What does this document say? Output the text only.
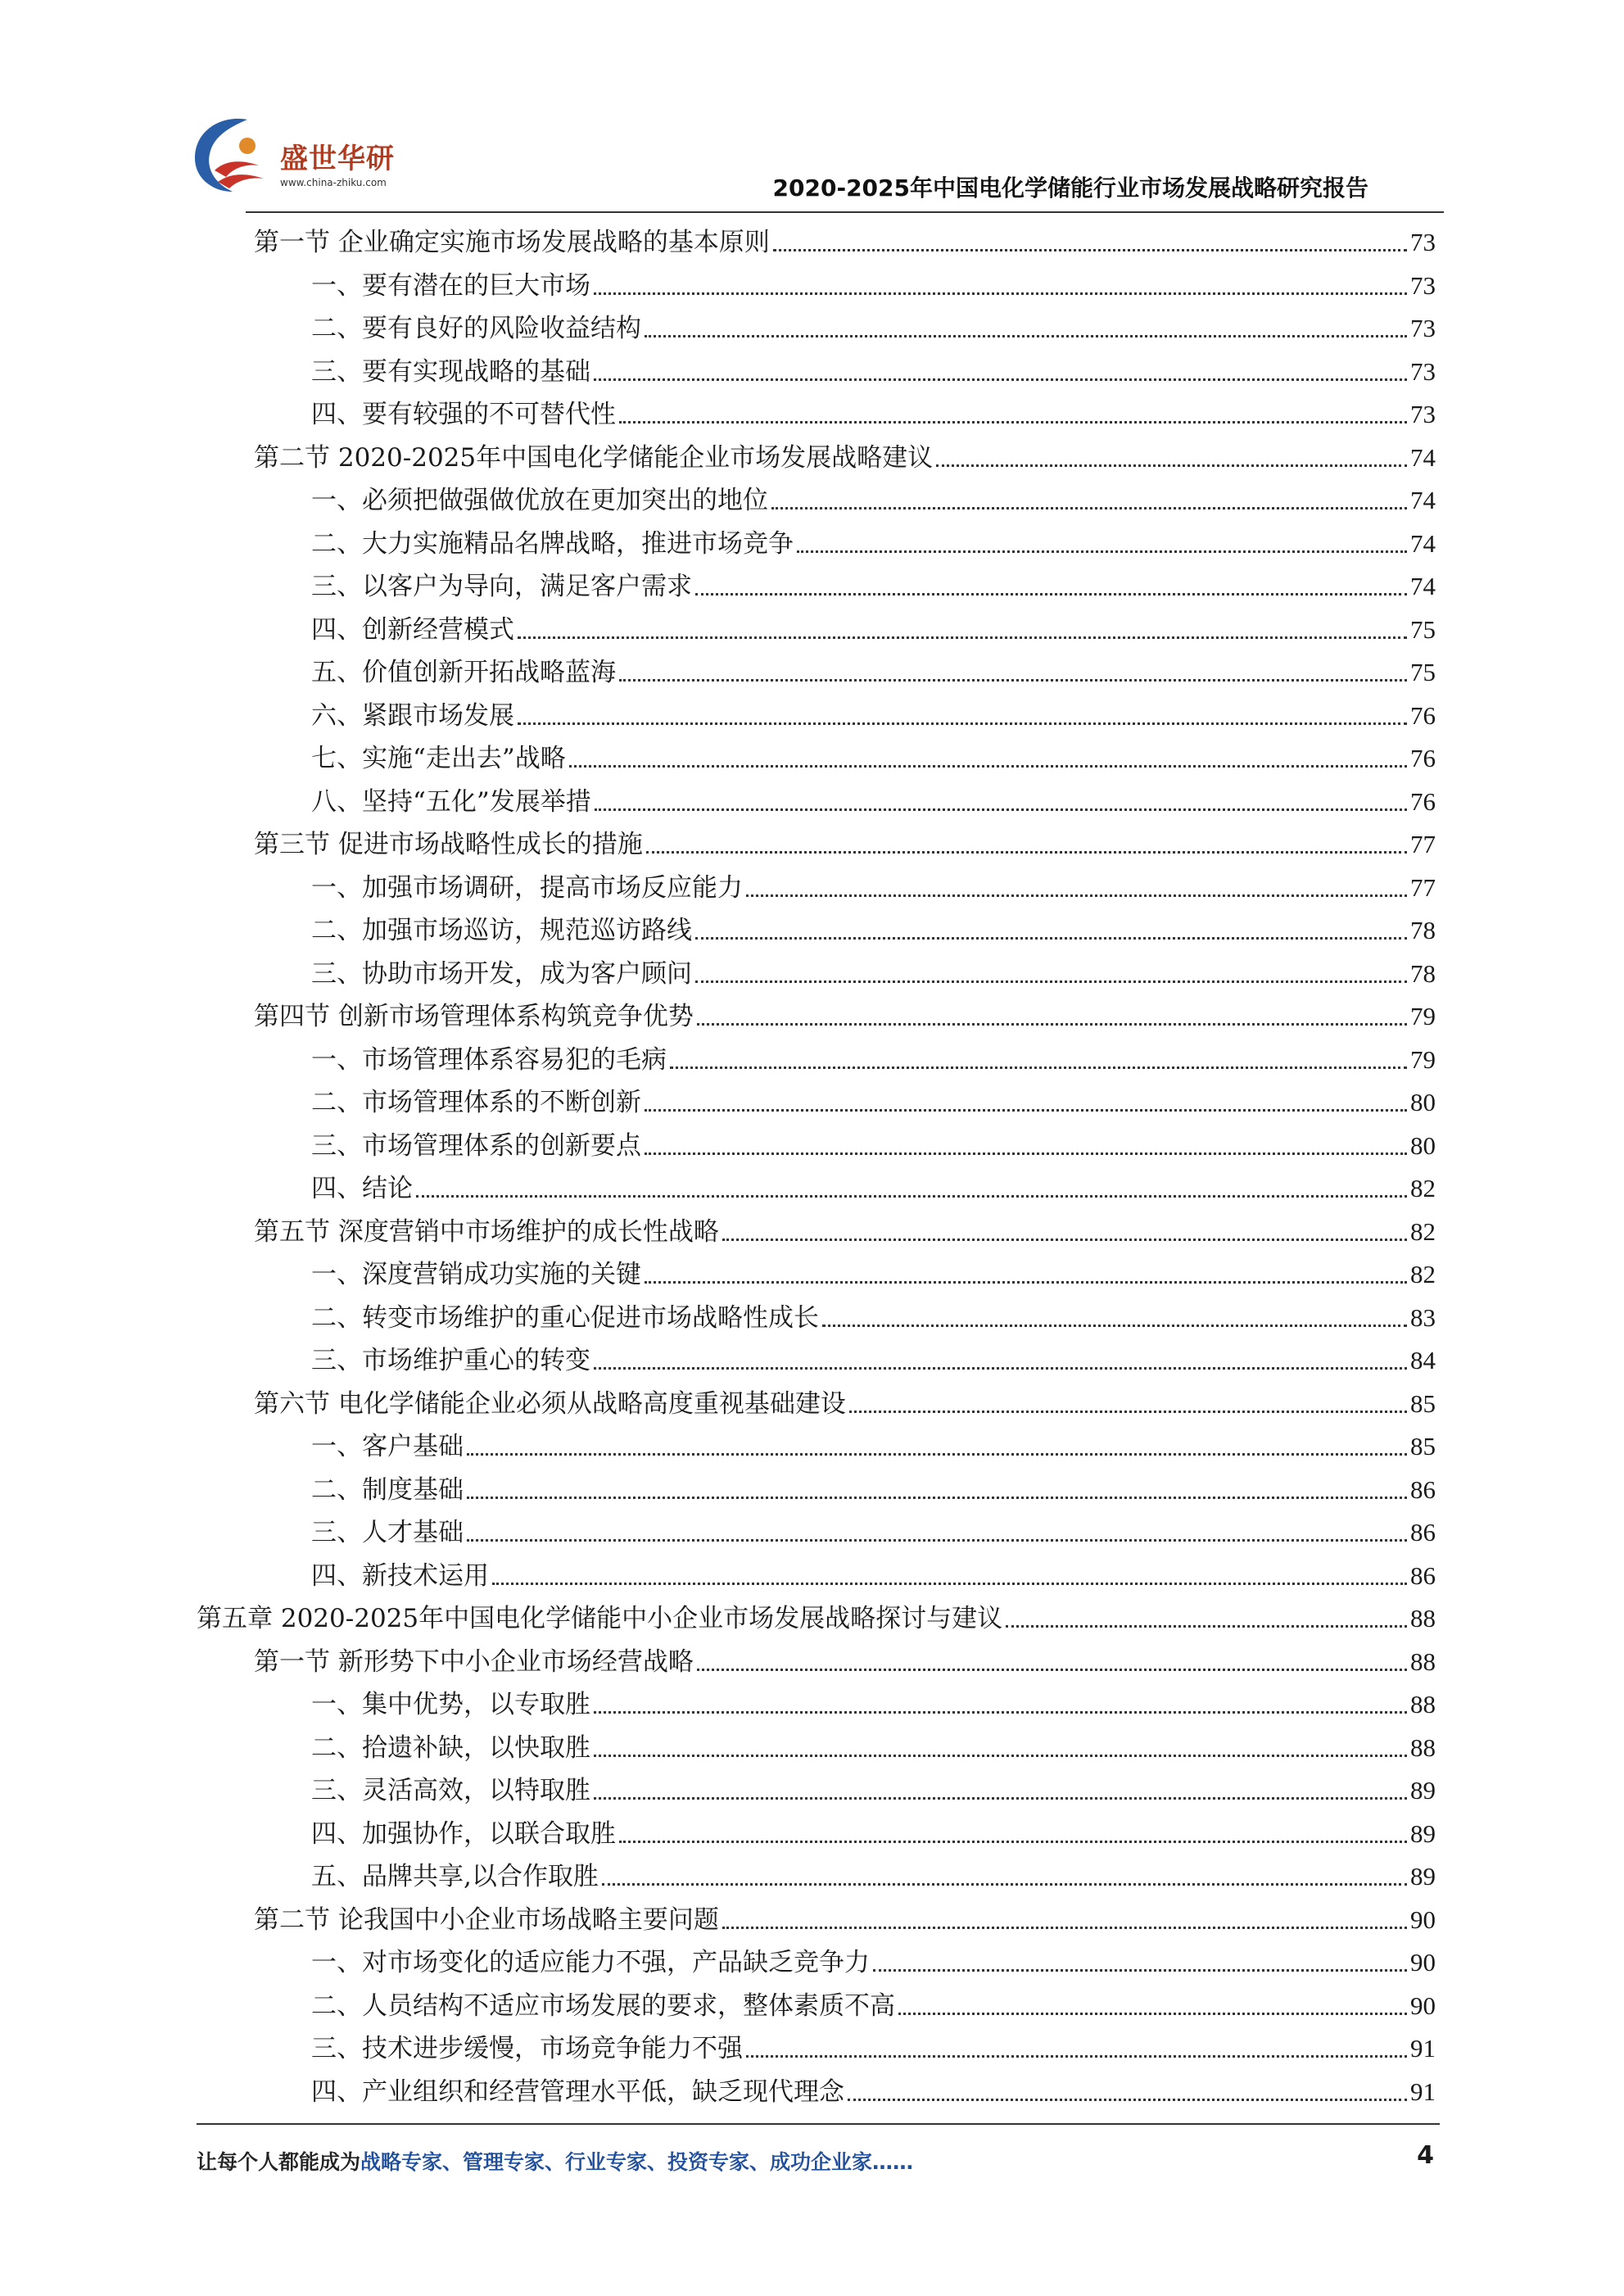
盛世华研
www.china-zhiku.com	2020-2025年中国电化学储能行业市场发展战略研究报告
第一节 企业确定实施市场发展战略的基本原则	73
一、要有潜在的巨大市场	73
二、要有良好的风险收益结构	73
三、要有实现战略的基础	73
四、要有较强的不可替代性	73
第二节 2020-2025年中国电化学储能企业市场发展战略建议	74
一、必须把做强做优放在更加突出的地位	74
二、大力实施精品名牌战略，推进市场竞争	74
三、以客户为导向，满足客户需求	74
四、创新经营模式	75
五、价值创新开拓战略蓝海	75
六、紧跟市场发展	76
七、实施“走出去”战略	76
八、坚持“五化”发展举措	76
第三节 促进市场战略性成长的措施	77
一、加强市场调研，提高市场反应能力	77
二、加强市场巡访，规范巡访路线	78
三、协助市场开发，成为客户顾问	78
第四节 创新市场管理体系构筑竞争优势	79
一、市场管理体系容易犯的毛病	79
二、市场管理体系的不断创新	80
三、市场管理体系的创新要点	80
四、结论	82
第五节 深度营销中市场维护的成长性战略	82
一、深度营销成功实施的关键	82
二、转变市场维护的重心促进市场战略性成长	83
三、市场维护重心的转变	84
第六节 电化学储能企业必须从战略高度重视基础建设	85
一、客户基础	85
二、制度基础	86
三、人才基础	86
四、新技术运用	86
第五章 2020-2025年中国电化学储能中小企业市场发展战略探讨与建议	88
第一节 新形势下中小企业市场经营战略	88
一、集中优势，以专取胜	88
二、拾遗补缺，以快取胜	88
三、灵活高效，以特取胜	89
四、加强协作，以联合取胜	89
五、品牌共享,以合作取胜	89
第二节 论我国中小企业市场战略主要问题	90
一、对市场变化的适应能力不强，产品缺乏竞争力	90
二、人员结构不适应市场发展的要求，整体素质不高	90
三、技术进步缓慢，市场竞争能力不强	91
四、产业组织和经营管理水平低，缺乏现代理念	91
让每个人都能成为战略专家、管理专家、行业专家、投资专家、成功企业家……	4
